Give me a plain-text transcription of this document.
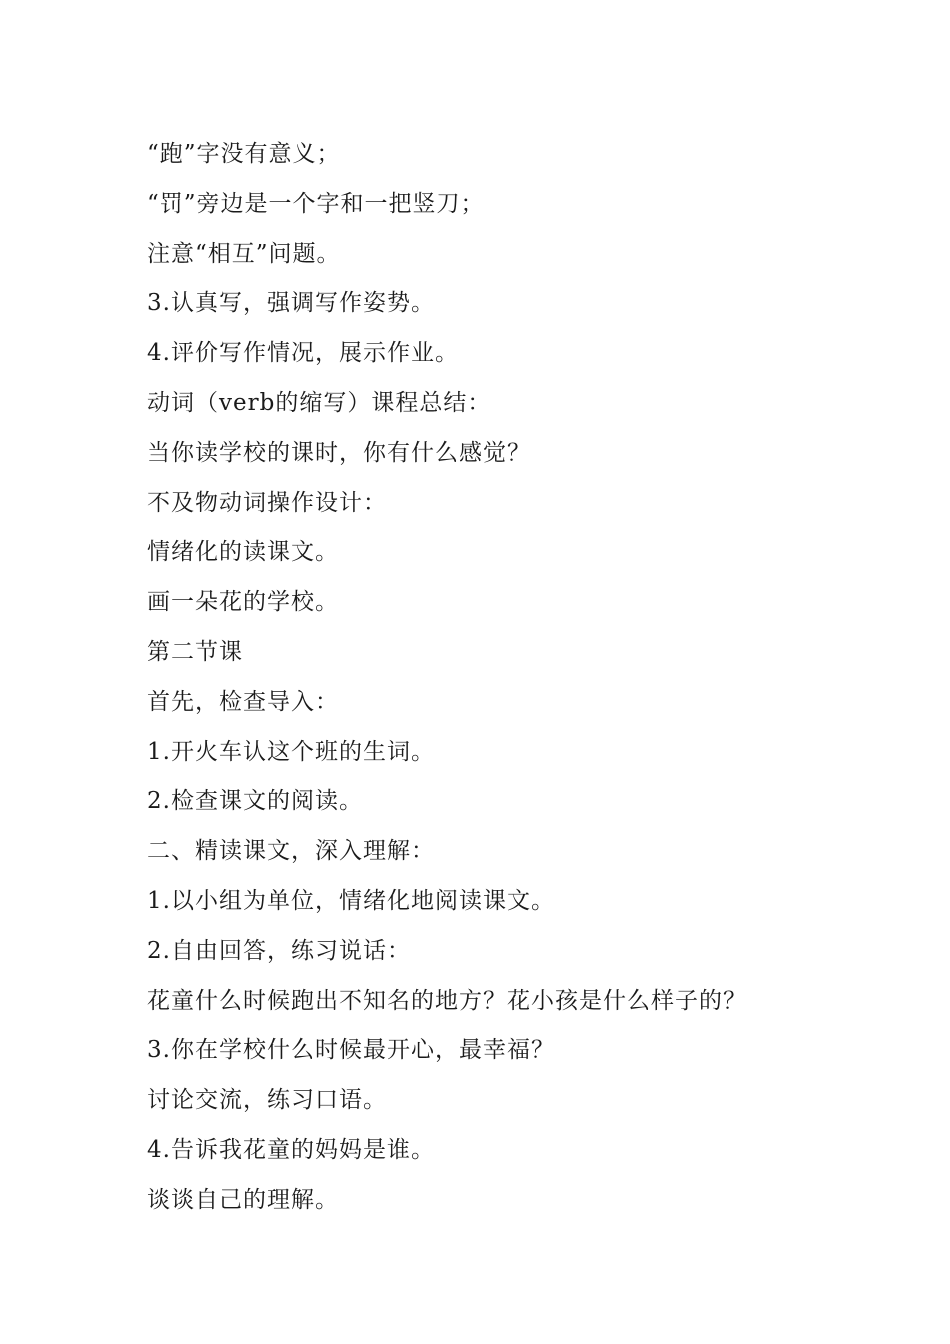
“跑”字没有意义；
“罚”旁边是一个字和一把竖刀；
注意“相互”问题。
3.认真写，强调写作姿势。
4.评价写作情况，展示作业。
动词（verb的缩写）课程总结：
当你读学校的课时，你有什么感觉？
不及物动词操作设计：
情绪化的读课文。
画一朵花的学校。
第二节课
首先，检查导入：
1.开火车认这个班的生词。
2.检查课文的阅读。
二、精读课文，深入理解：
1.以小组为单位，情绪化地阅读课文。
2.自由回答，练习说话：
花童什么时候跑出不知名的地方？花小孩是什么样子的？
3.你在学校什么时候最开心，最幸福？
讨论交流，练习口语。
4.告诉我花童的妈妈是谁。
谈谈自己的理解。
